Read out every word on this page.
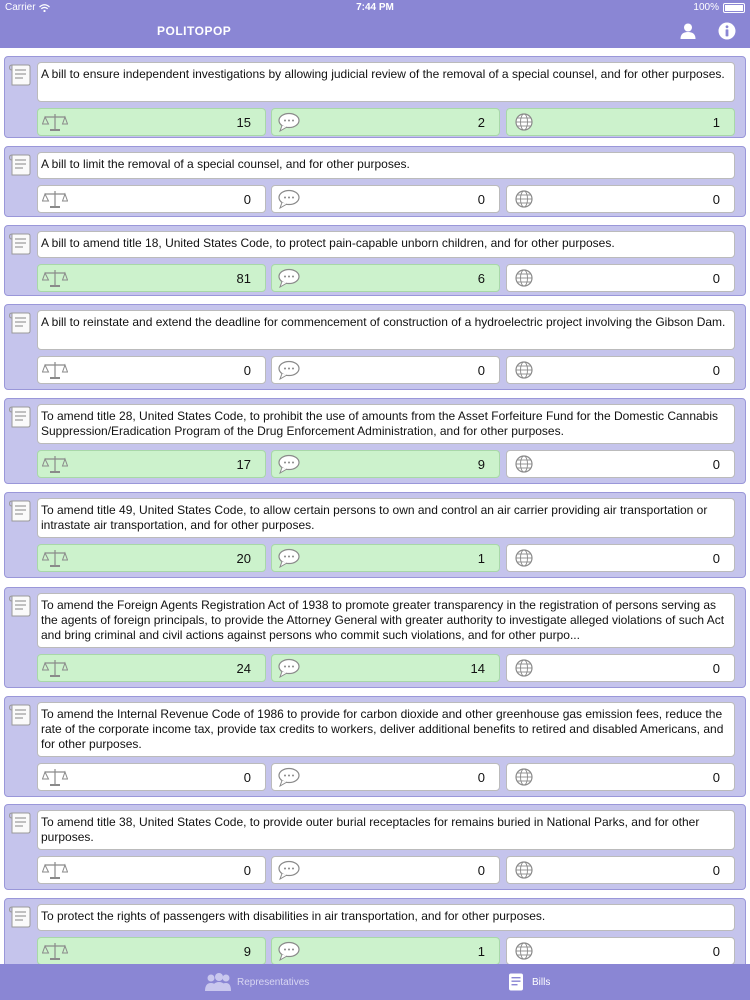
Carrier	7:44 PM	100%
POLITOPOP
A bill to ensure independent investigations by allowing judicial review of the removal of a special counsel, and for other purposes.
15	2	1
A bill to limit the removal of a special counsel, and for other purposes.
0	0	0
A bill to amend title 18, United States Code, to protect pain-capable unborn children, and for other purposes.
81	6	0
A bill to reinstate and extend the deadline for commencement of construction of a hydroelectric project involving the Gibson Dam.
0	0	0
To amend title 28, United States Code, to prohibit the use of amounts from the Asset Forfeiture Fund for the Domestic Cannabis Suppression/Eradication Program of the Drug Enforcement Administration, and for other purposes.
17	9	0
To amend title 49, United States Code, to allow certain persons to own and control an air carrier providing air transportation or intrastate air transportation, and for other purposes.
20	1	0
To amend the Foreign Agents Registration Act of 1938 to promote greater transparency in the registration of persons serving as the agents of foreign principals, to provide the Attorney General with greater authority to investigate alleged violations of such Act and bring criminal and civil actions against persons who commit such violations, and for other purpo...
24	14	0
To amend the Internal Revenue Code of 1986 to provide for carbon dioxide and other greenhouse gas emission fees, reduce the rate of the corporate income tax, provide tax credits to workers, deliver additional benefits to retired and disabled Americans, and for other purposes.
0	0	0
To amend title 38, United States Code, to provide outer burial receptacles for remains buried in National Parks, and for other purposes.
0	0	0
To protect the rights of passengers with disabilities in air transportation, and for other purposes.
9	1	0
Representatives	Bills
